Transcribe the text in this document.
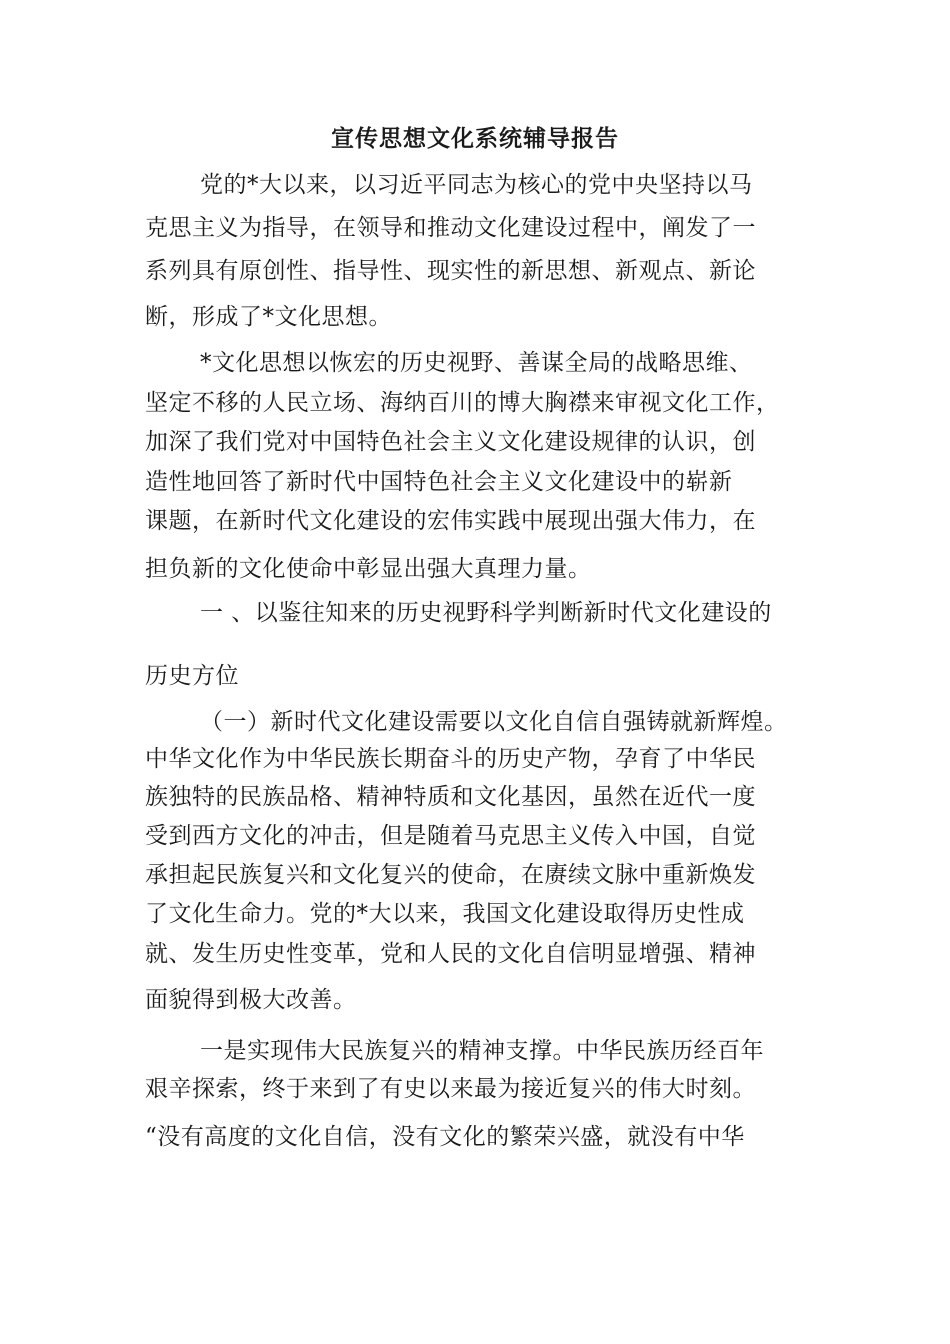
宣传思想文化系统辅导报告
党的*大以来，以习近平同志为核心的党中央坚持以马
克思主义为指导，在领导和推动文化建设过程中，阐发了一
系列具有原创性、指导性、现实性的新思想、新观点、新论
断，形成了*文化思想。
*文化思想以恢宏的历史视野、善谋全局的战略思维、
坚定不移的人民立场、海纳百川的博大胸襟来审视文化工作，
加深了我们党对中国特色社会主义文化建设规律的认识，创
造性地回答了新时代中国特色社会主义文化建设中的崭新
课题，在新时代文化建设的宏伟实践中展现出强大伟力，在
担负新的文化使命中彰显出强大真理力量。
一 、以鉴往知来的历史视野科学判断新时代文化建设的
历史方位
（一）新时代文化建设需要以文化自信自强铸就新辉煌。
中华文化作为中华民族长期奋斗的历史产物，孕育了中华民
族独特的民族品格、精神特质和文化基因，虽然在近代一度
受到西方文化的冲击，但是随着马克思主义传入中国，自觉
承担起民族复兴和文化复兴的使命，在赓续文脉中重新焕发
了文化生命力。党的*大以来，我国文化建设取得历史性成
就、发生历史性变革，党和人民的文化自信明显增强、精神
面貌得到极大改善。
一是实现伟大民族复兴的精神支撑。中华民族历经百年
艰辛探索，终于来到了有史以来最为接近复兴的伟大时刻。
“没有高度的文化自信，没有文化的繁荣兴盛，就没有中华
